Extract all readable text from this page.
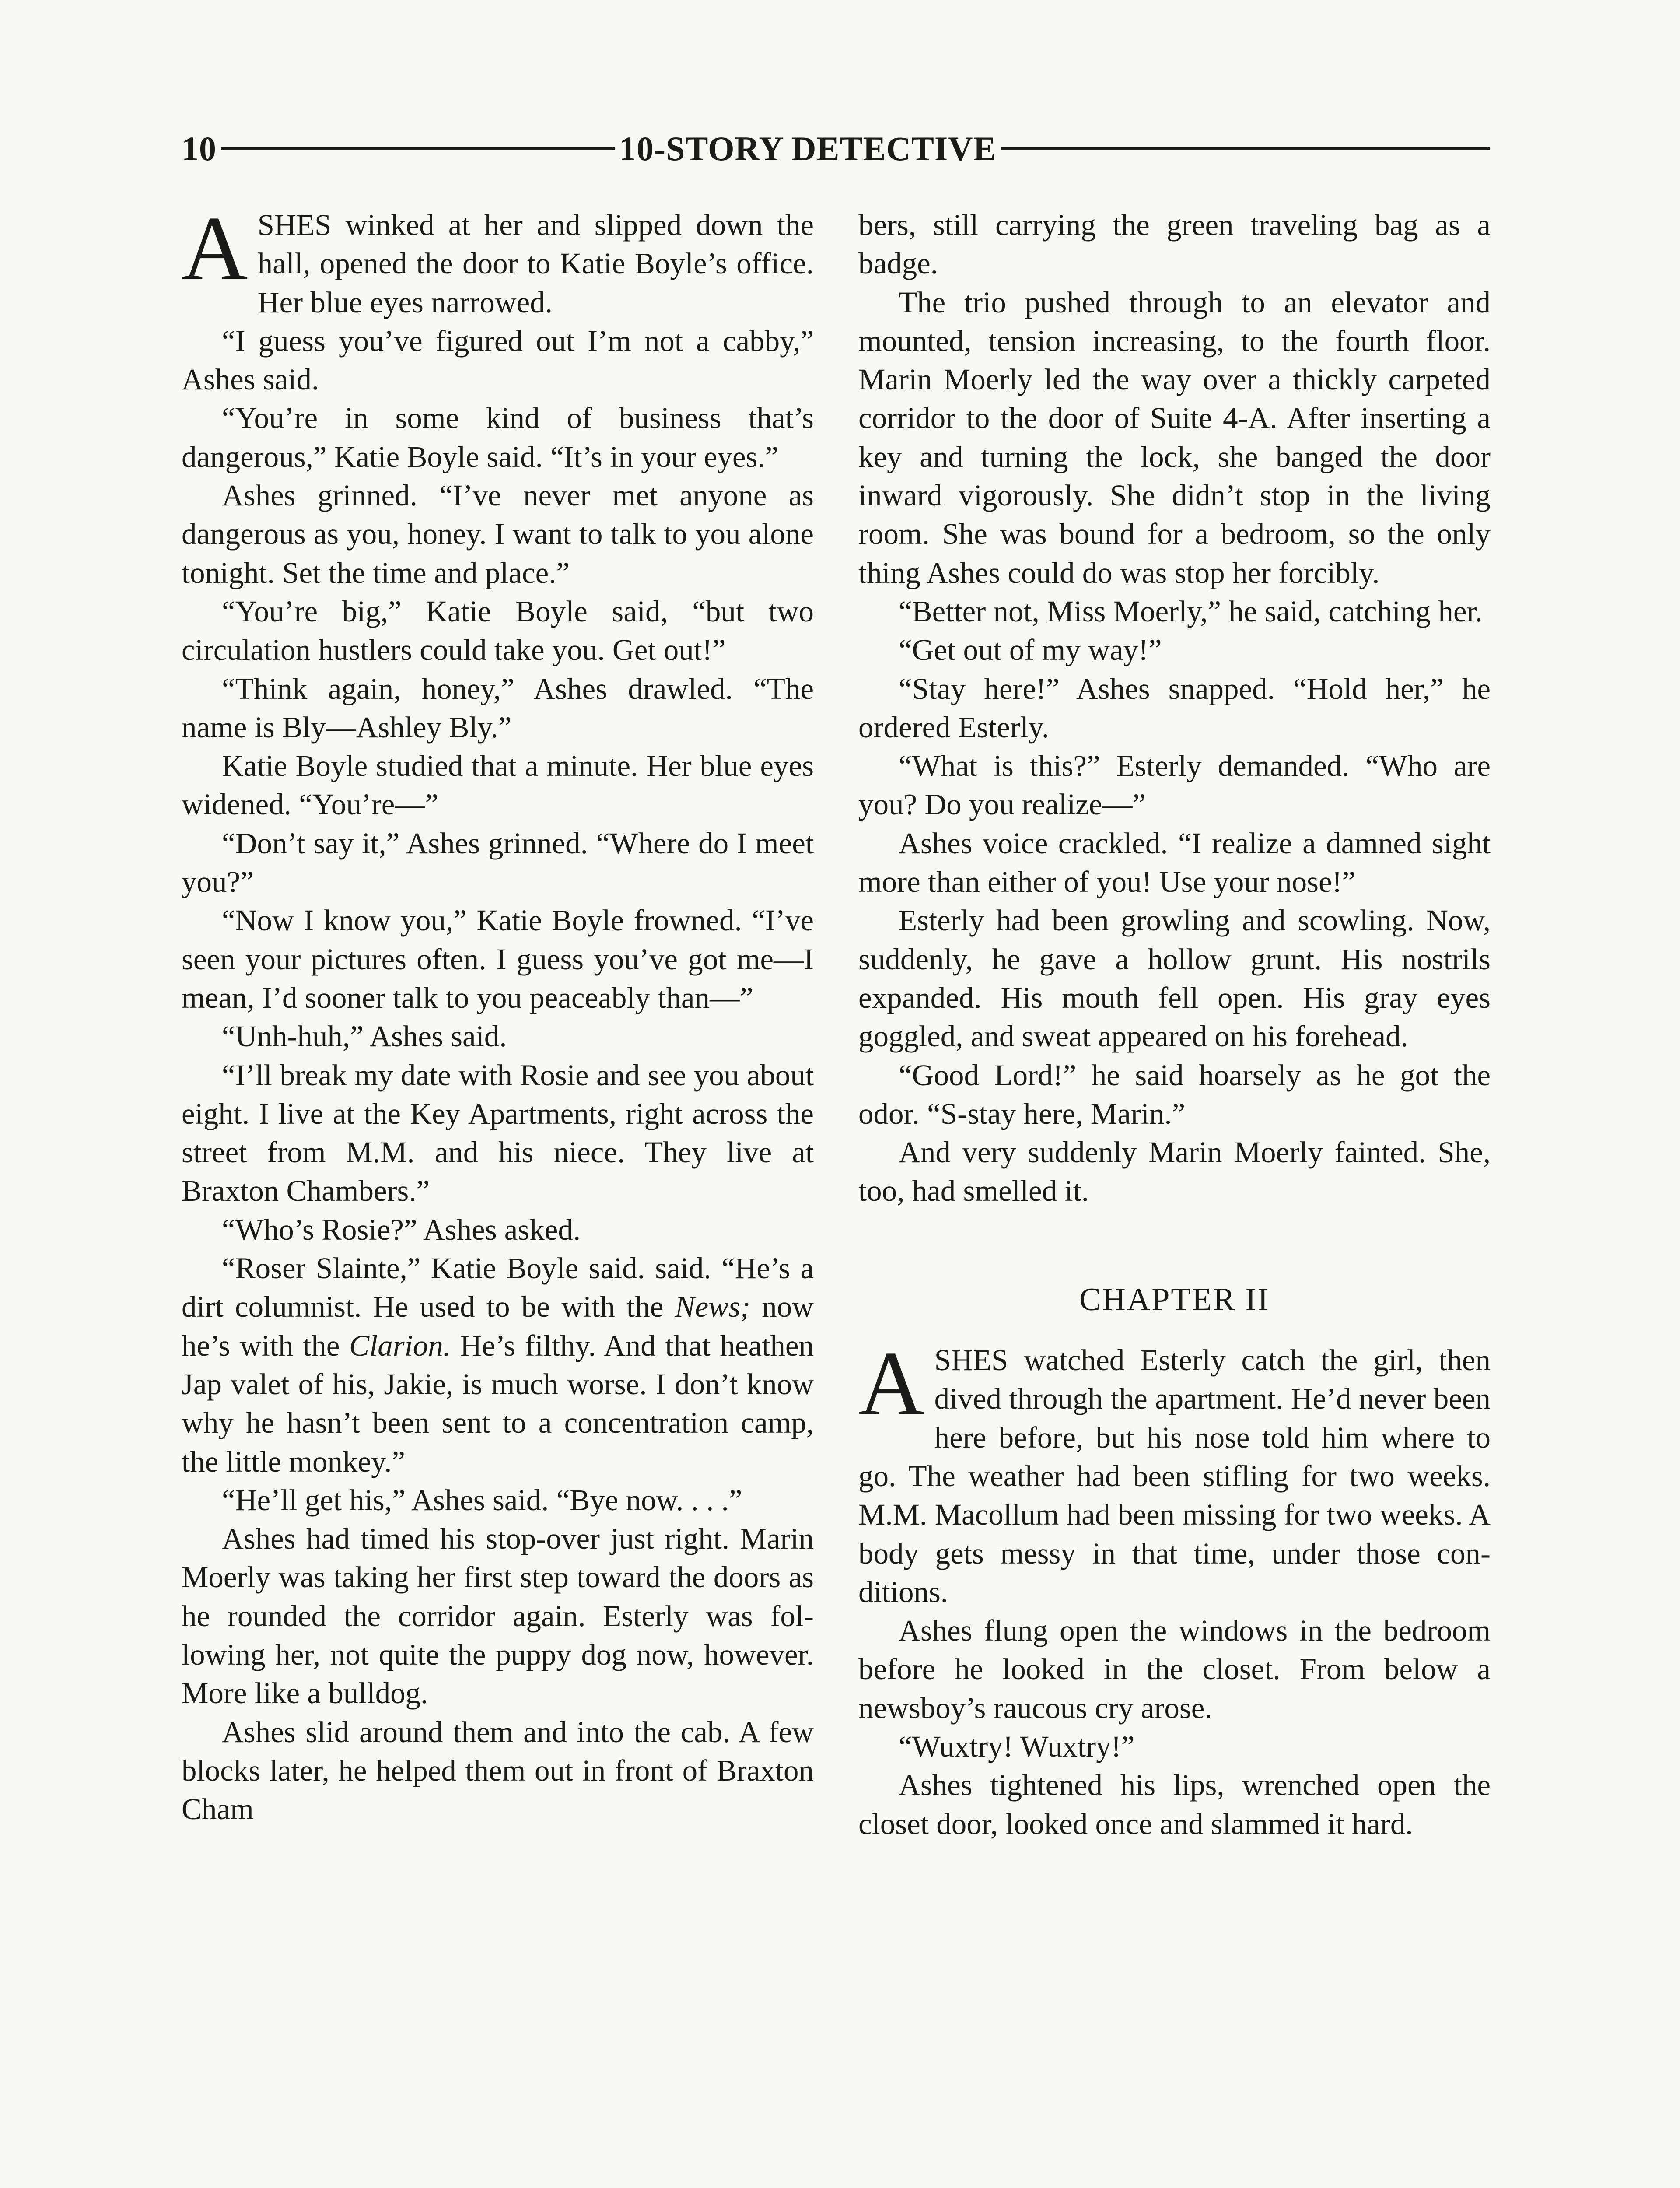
10	10-STORY DETECTIVE

ASHES winked at her and slipped down the hall, opened the door to Katie Boyle’s office. Her blue eyes narrowed.

“I guess you’ve figured out I’m not a cabby,” Ashes said.

“You’re in some kind of business that’s dangerous,” Katie Boyle said. “It’s in your eyes.”

Ashes grinned. “I’ve never met anyone as dangerous as you, honey. I want to talk to you alone tonight. Set the time and place.”

“You’re big,” Katie Boyle said, “but two circulation hustlers could take you. Get out!”

“Think again, honey,” Ashes drawled. “The name is Bly—Ashley Bly.”

Katie Boyle studied that a minute. Her blue eyes widened. “You’re—”

“Don’t say it,” Ashes grinned. “Where do I meet you?”

“Now I know you,” Katie Boyle frowned. “I’ve seen your pictures often. I guess you’ve got me—I mean, I’d sooner talk to you peaceably than—”

“Unh-huh,” Ashes said.

“I’ll break my date with Rosie and see you about eight. I live at the Key Apartments, right across the street from M.M. and his niece. They live at Braxton Chambers.”

“Who’s Rosie?” Ashes asked.

“Roser Slainte,” Katie Boyle said. said. “He’s a dirt columnist. He used to be with the News; now he’s with the Clarion. He’s filthy. And that heathen Jap valet of his, Jakie, is much worse. I don’t know why he hasn’t been sent to a concentration camp, the little monkey.”

“He’ll get his,” Ashes said. “Bye now. . . .”

Ashes had timed his stop-over just right. Marin Moerly was taking her first step toward the doors as he rounded the corridor again. Esterly was following her, not quite the puppy dog now, however. More like a bulldog.

Ashes slid around them and into the cab. A few blocks later, he helped them out in front of Braxton Cham

bers, still carrying the green traveling bag as a badge.

The trio pushed through to an elevator and mounted, tension increasing, to the fourth floor. Marin Moerly led the way over a thickly carpeted corridor to the door of Suite 4-A. After inserting a key and turning the lock, she banged the door inward vigorously. She didn’t stop in the living room. She was bound for a bedroom, so the only thing Ashes could do was stop her forcibly.

“Better not, Miss Moerly,” he said, catching her.

“Get out of my way!”

“Stay here!” Ashes snapped. “Hold her,” he ordered Esterly.

“What is this?” Esterly demanded. “Who are you? Do you realize—”

Ashes voice crackled. “I realize a damned sight more than either of you! Use your nose!”

Esterly had been growling and scowling. Now, suddenly, he gave a hollow grunt. His nostrils expanded. His mouth fell open. His gray eyes goggled, and sweat appeared on his forehead.

“Good Lord!” he said hoarsely as he got the odor. “S-stay here, Marin.”

And very suddenly Marin Moerly fainted. She, too, had smelled it.

CHAPTER II

ASHES watched Esterly catch the girl, then dived through the apartment. He’d never been here before, but his nose told him where to go. The weather had been stifling for two weeks. M.M. Macollum had been missing for two weeks. A body gets messy in that time, under those conditions.

Ashes flung open the windows in the bedroom before he looked in the closet. From below a newsboy’s raucous cry arose.

“Wuxtry! Wuxtry!”

Ashes tightened his lips, wrenched open the closet door, looked once and slammed it hard.
